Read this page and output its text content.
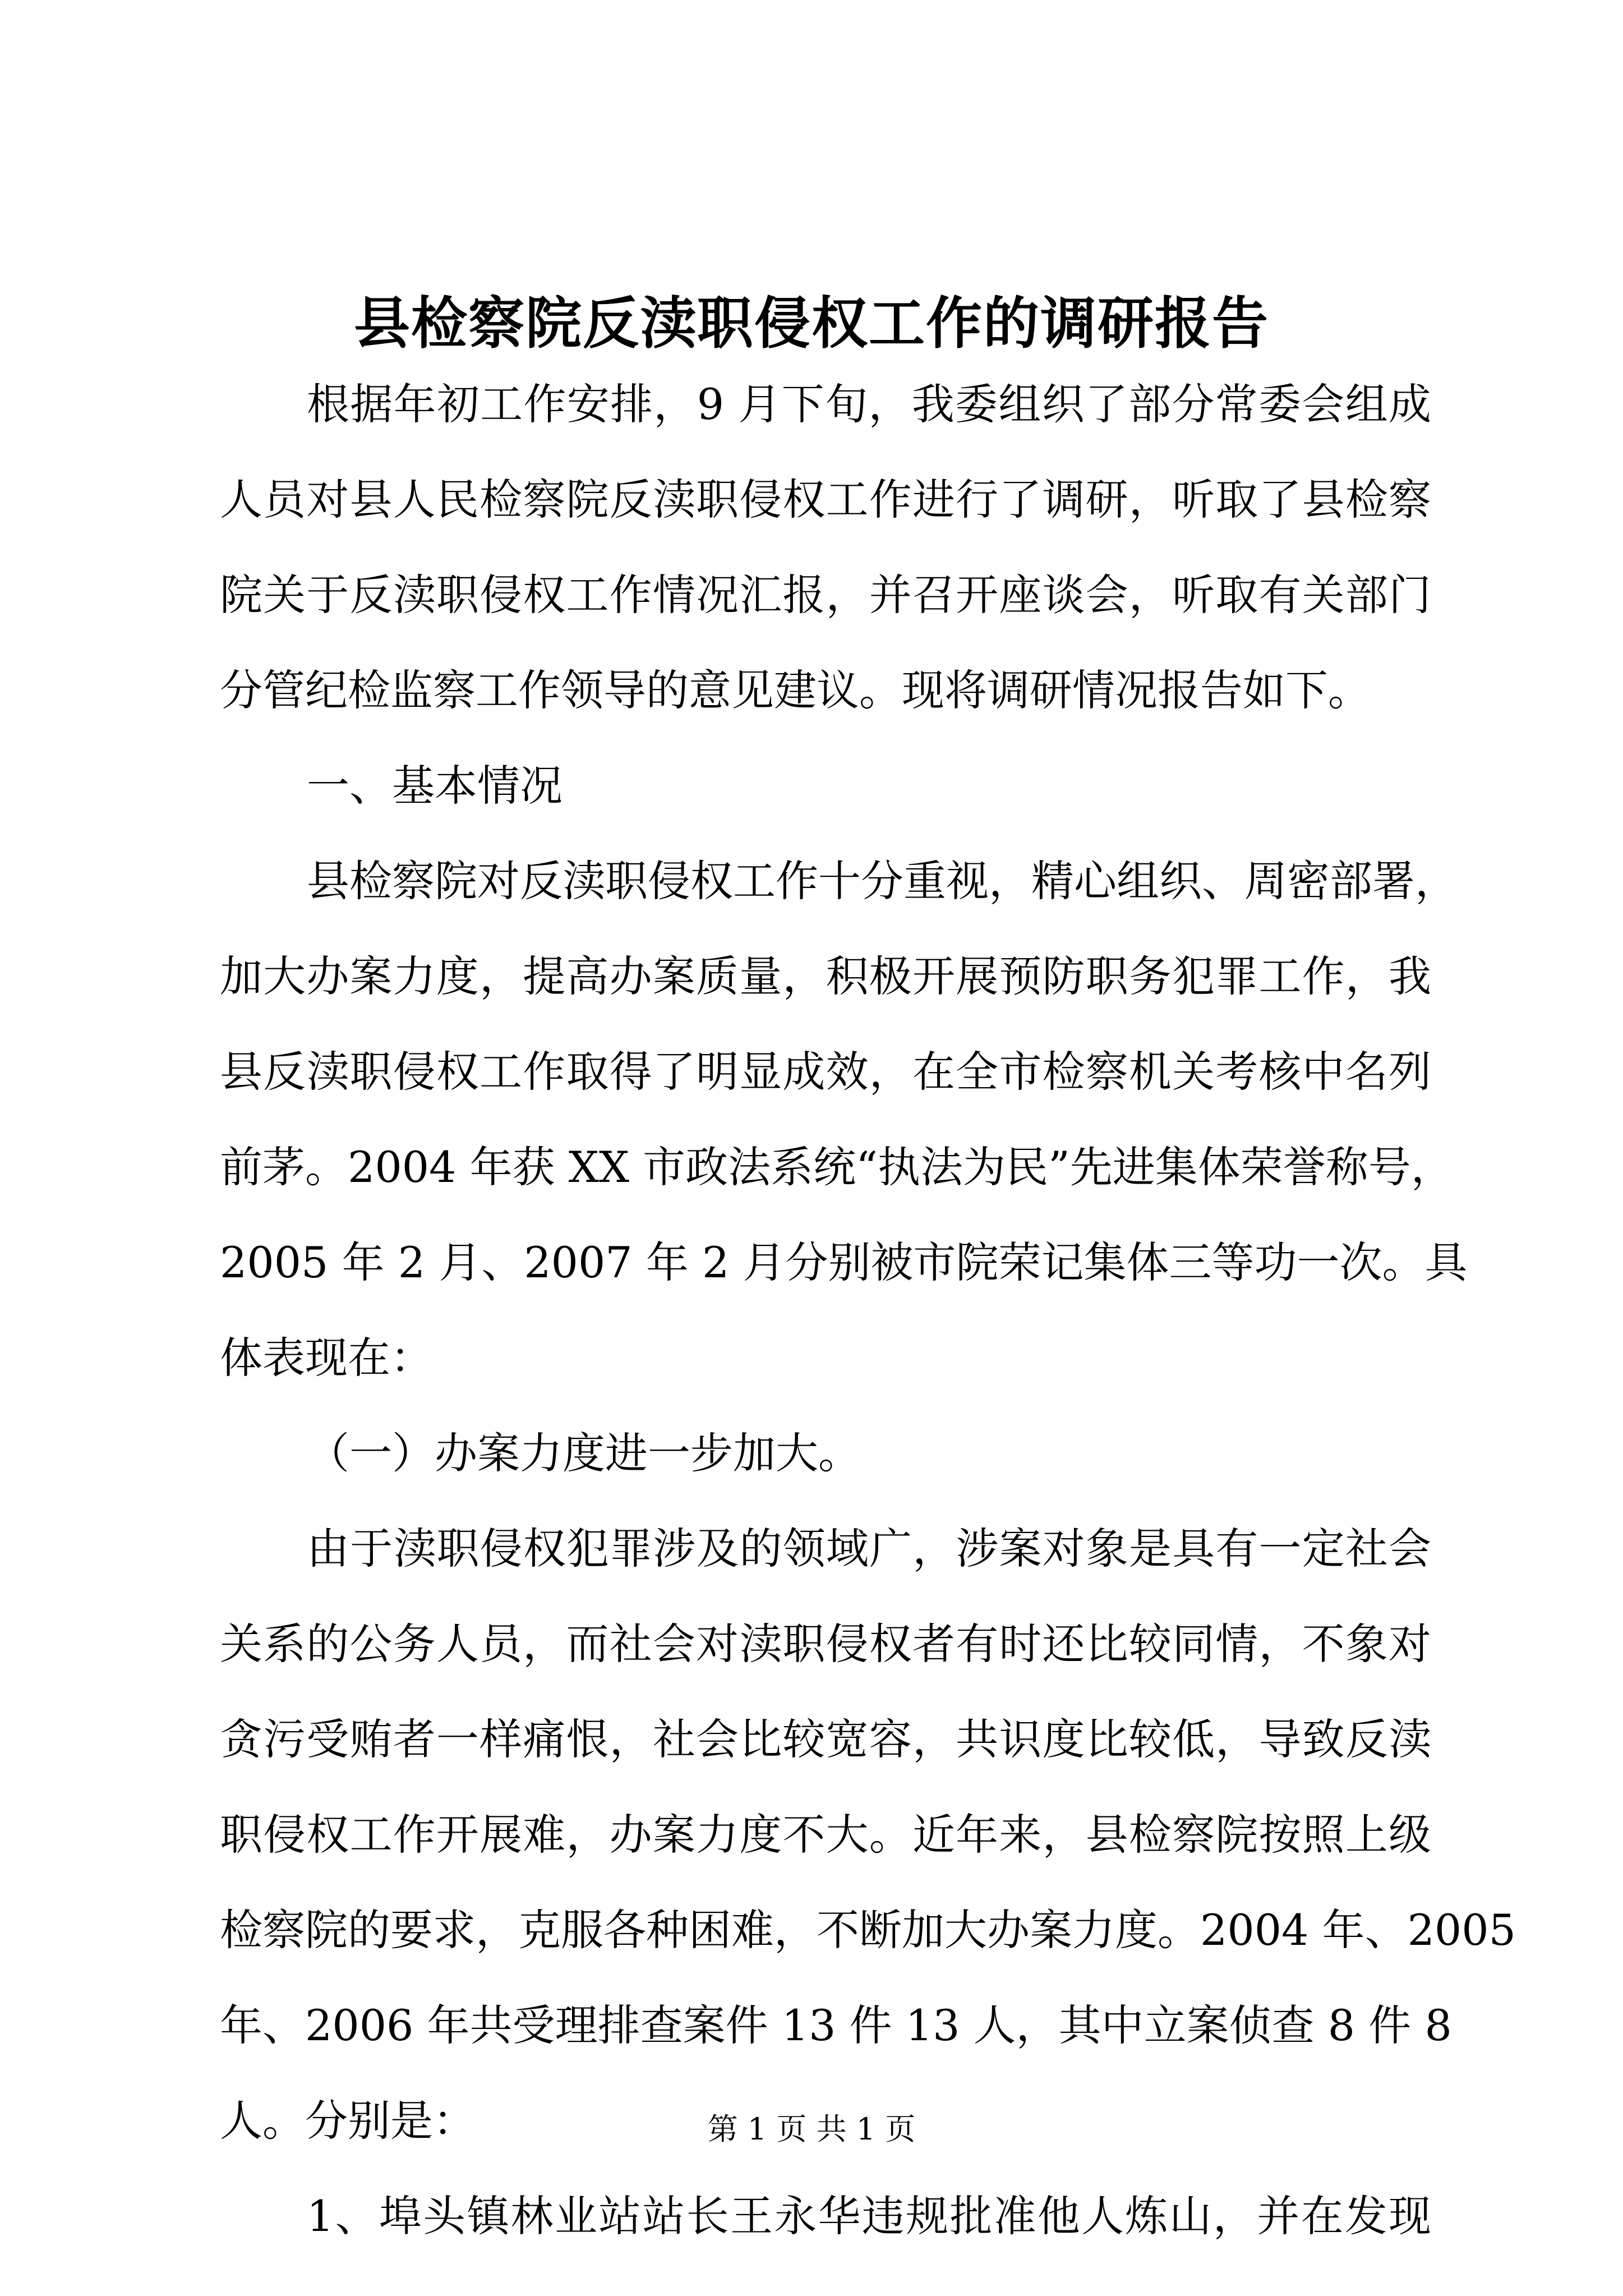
县检察院反渎职侵权工作的调研报告
根据年初工作安排，9 月下旬，我委组织了部分常委会组成
人员对县人民检察院反渎职侵权工作进行了调研，听取了县检察
院关于反渎职侵权工作情况汇报，并召开座谈会，听取有关部门
分管纪检监察工作领导的意见建议。现将调研情况报告如下。
一、基本情况
县检察院对反渎职侵权工作十分重视，精心组织、周密部署，
加大办案力度，提高办案质量，积极开展预防职务犯罪工作，我
县反渎职侵权工作取得了明显成效，在全市检察机关考核中名列
前茅。2004 年获 XX 市政法系统“执法为民”先进集体荣誉称号，
2005 年 2 月、2007 年 2 月分别被市院荣记集体三等功一次。具
体表现在：
（一）办案力度进一步加大。
由于渎职侵权犯罪涉及的领域广，涉案对象是具有一定社会
关系的公务人员，而社会对渎职侵权者有时还比较同情，不象对
贪污受贿者一样痛恨，社会比较宽容，共识度比较低，导致反渎
职侵权工作开展难，办案力度不大。近年来，县检察院按照上级
检察院的要求，克服各种困难，不断加大办案力度。2004 年、2005
年、2006 年共受理排查案件 13 件 13 人，其中立案侦查 8 件 8
人。分别是：
1、埠头镇林业站站长王永华违规批准他人炼山，并在发现
第 1 页 共 1 页
